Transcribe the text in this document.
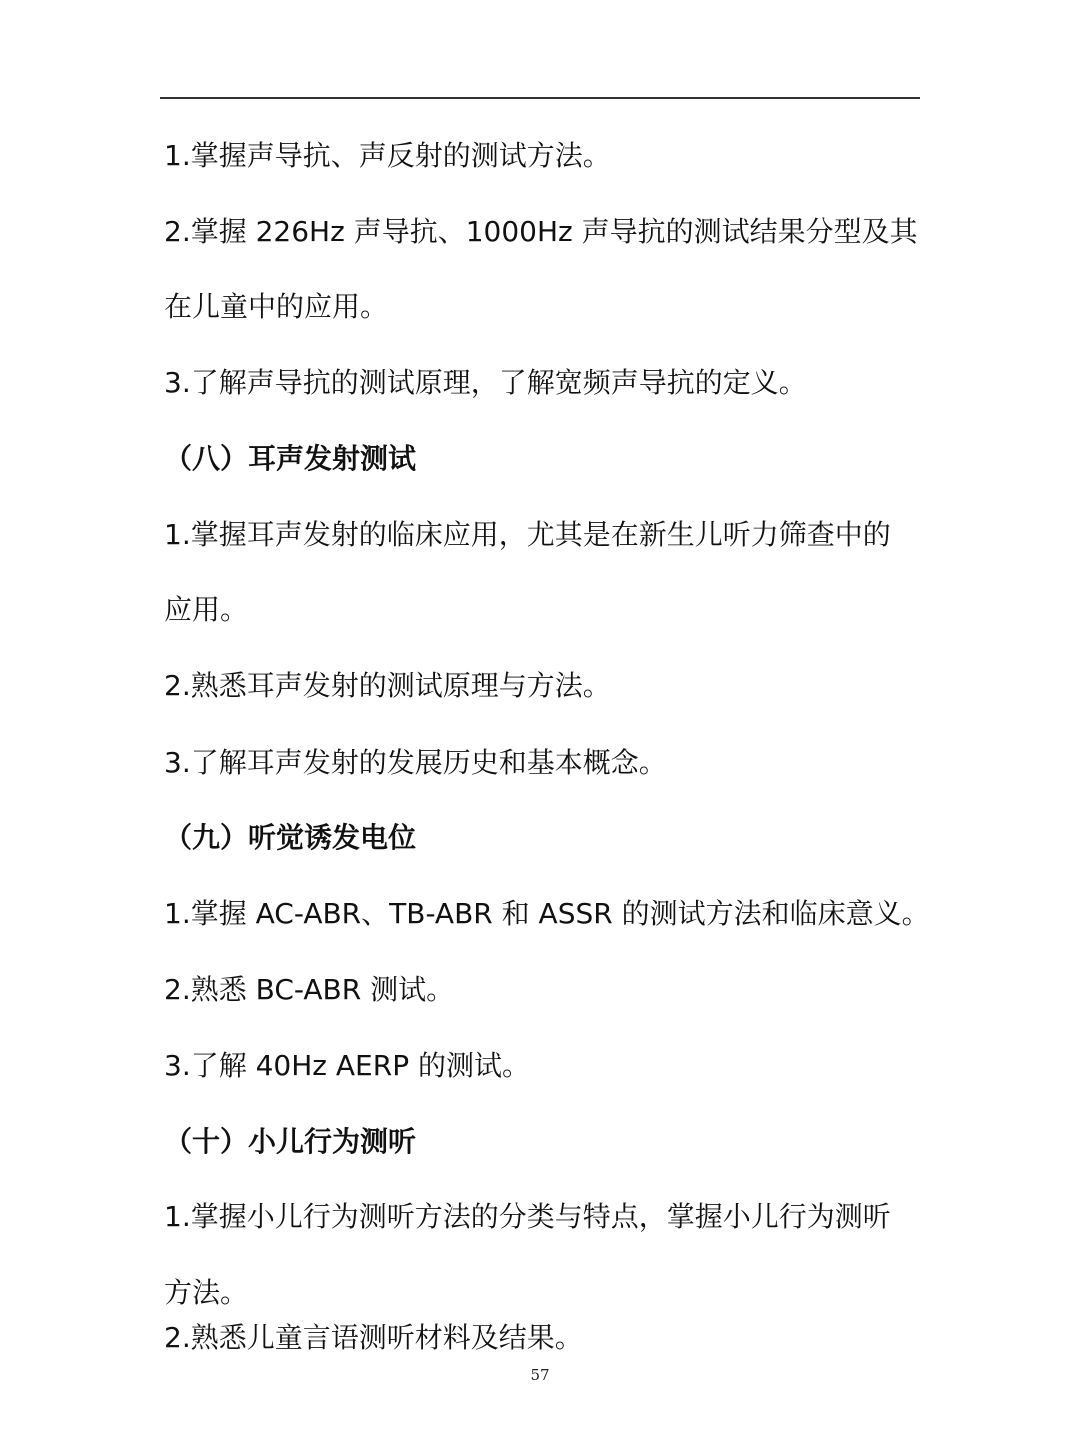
1.掌握声导抗、声反射的测试方法。
2.掌握 226Hz 声导抗、1000Hz 声导抗的测试结果分型及其
在儿童中的应用。
3.了解声导抗的测试原理，了解宽频声导抗的定义。
（八）耳声发射测试
1.掌握耳声发射的临床应用，尤其是在新生儿听力筛查中的
应用。
2.熟悉耳声发射的测试原理与方法。
3.了解耳声发射的发展历史和基本概念。
（九）听觉诱发电位
1.掌握 AC-ABR、TB-ABR 和 ASSR 的测试方法和临床意义。
2.熟悉 BC-ABR 测试。
3.了解 40Hz AERP 的测试。
（十）小儿行为测听
1.掌握小儿行为测听方法的分类与特点，掌握小儿行为测听
方法。
2.熟悉儿童言语测听材料及结果。
57
